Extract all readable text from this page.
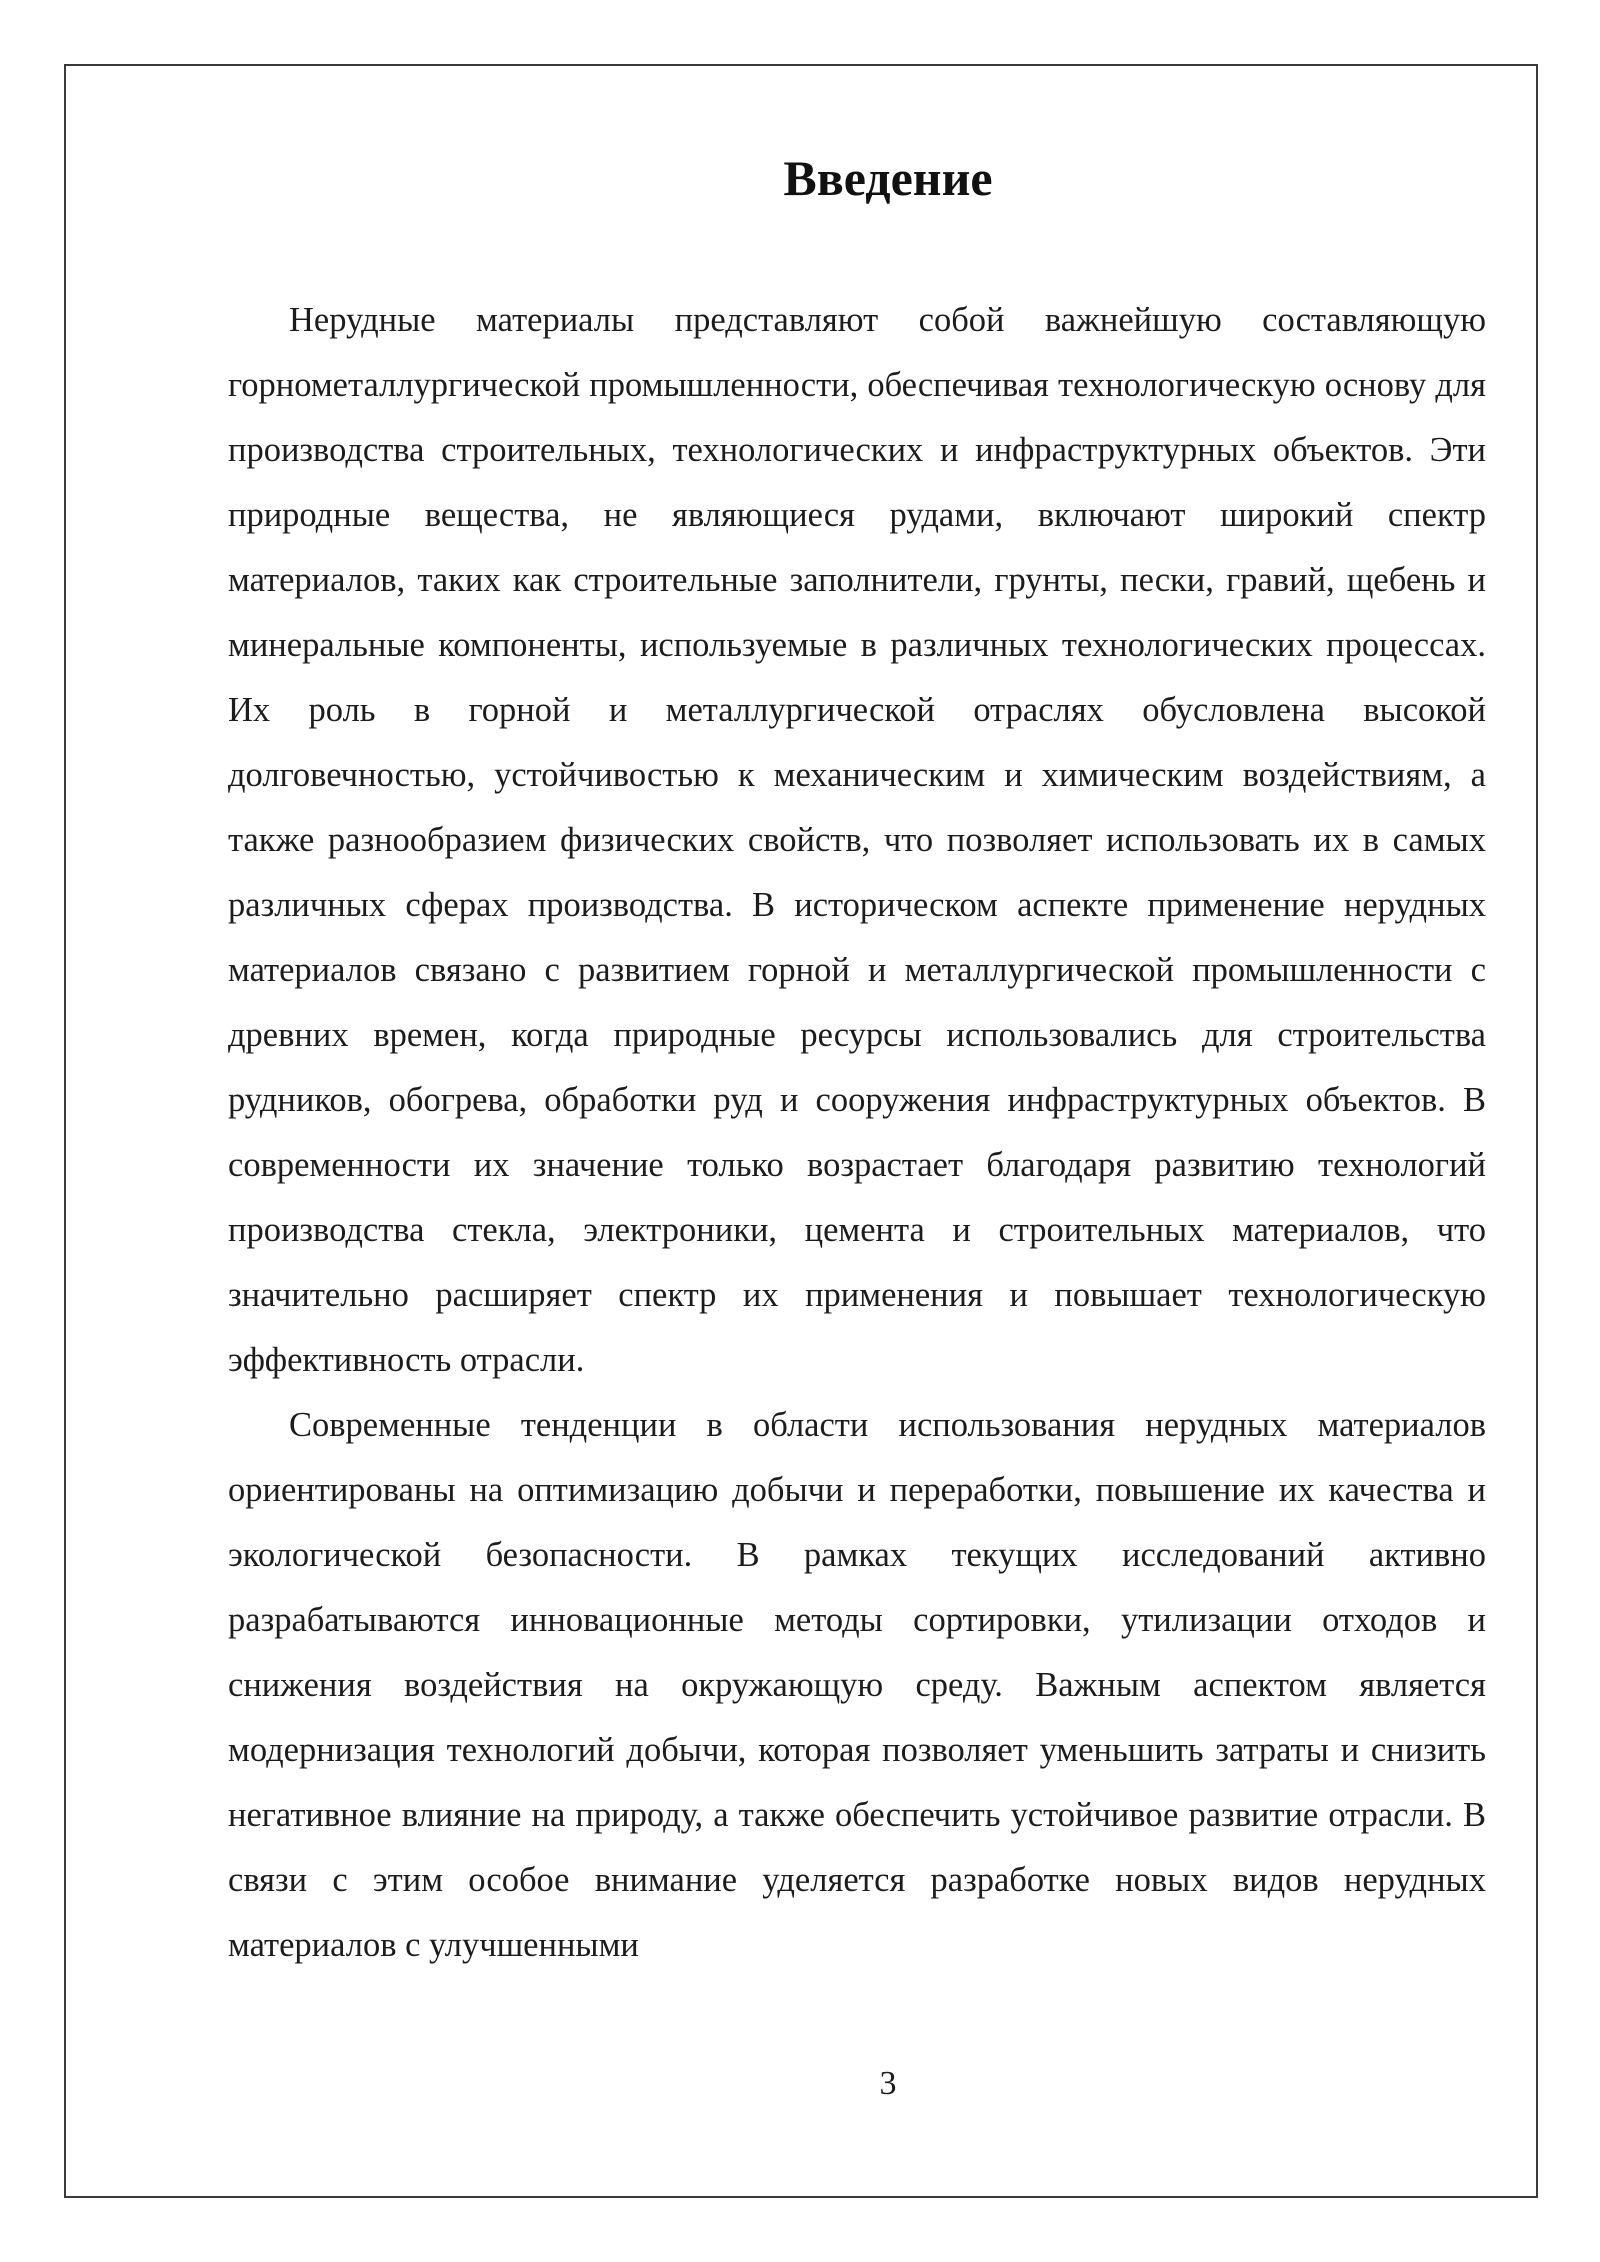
Введение

Нерудные материалы представляют собой важнейшую составляющую горнометаллургической промышленности, обеспечивая технологическую основу для производства строительных, технологических и инфраструктурных объектов. Эти природные вещества, не являющиеся рудами, включают широкий спектр материалов, таких как строительные заполнители, грунты, пески, гравий, щебень и минеральные компоненты, используемые в различных технологических процессах. Их роль в горной и металлургической отраслях обусловлена высокой долговечностью, устойчивостью к механическим и химическим воздействиям, а также разнообразием физических свойств, что позволяет использовать их в самых различных сферах производства. В историческом аспекте применение нерудных материалов связано с развитием горной и металлургической промышленности с древних времен, когда природные ресурсы использовались для строительства рудников, обогрева, обработки руд и сооружения инфраструктурных объектов. В современности их значение только возрастает благодаря развитию технологий производства стекла, электроники, цемента и строительных материалов, что значительно расширяет спектр их применения и повышает технологическую эффективность отрасли.

Современные тенденции в области использования нерудных материалов ориентированы на оптимизацию добычи и переработки, повышение их качества и экологической безопасности. В рамках текущих исследований активно разрабатываются инновационные методы сортировки, утилизации отходов и снижения воздействия на окружающую среду. Важным аспектом является модернизация технологий добычи, которая позволяет уменьшить затраты и снизить негативное влияние на природу, а также обеспечить устойчивое развитие отрасли. В связи с этим особое внимание уделяется разработке новых видов нерудных материалов с улучшенными

3
